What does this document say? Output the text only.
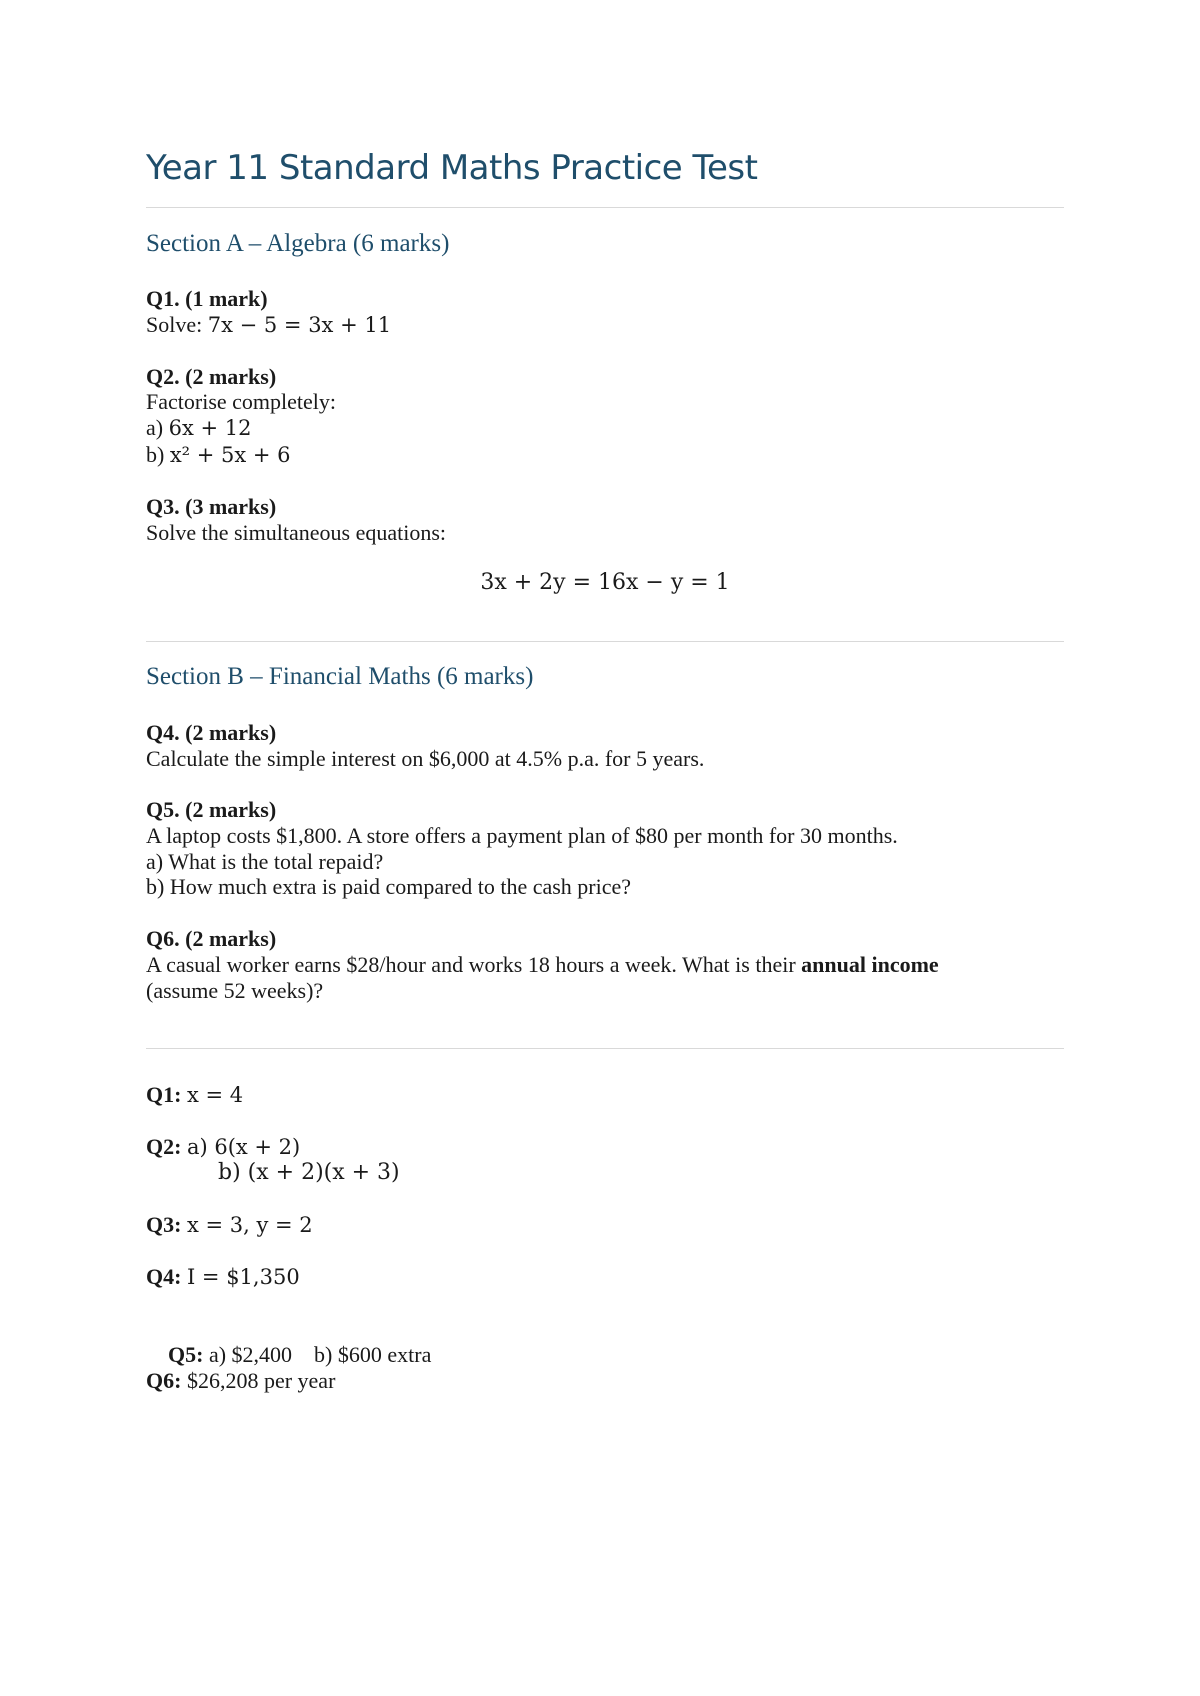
Year 11 Standard Maths Practice Test
Section A – Algebra (6 marks)
Q1. (1 mark)
Solve: 7x − 5 = 3x + 11
Q2. (2 marks)
Factorise completely:
a) 6x + 12
b) x² + 5x + 6
Q3. (3 marks)
Solve the simultaneous equations:
3x + 2y = 16x − y = 1
Section B – Financial Maths (6 marks)
Q4. (2 marks)
Calculate the simple interest on $6,000 at 4.5% p.a. for 5 years.
Q5. (2 marks)
A laptop costs $1,800. A store offers a payment plan of $80 per month for 30 months.
a) What is the total repaid?
b) How much extra is paid compared to the cash price?
Q6. (2 marks)
A casual worker earns $28/hour and works 18 hours a week. What is their annual income
(assume 52 weeks)?
Q1: x = 4
Q2: a) 6(x + 2)
b) (x + 2)(x + 3)
Q3: x = 3, y = 2
Q4: I = $1,350

Q5: a) $2,400    b) $600 extra

Q6: $26,208 per year
